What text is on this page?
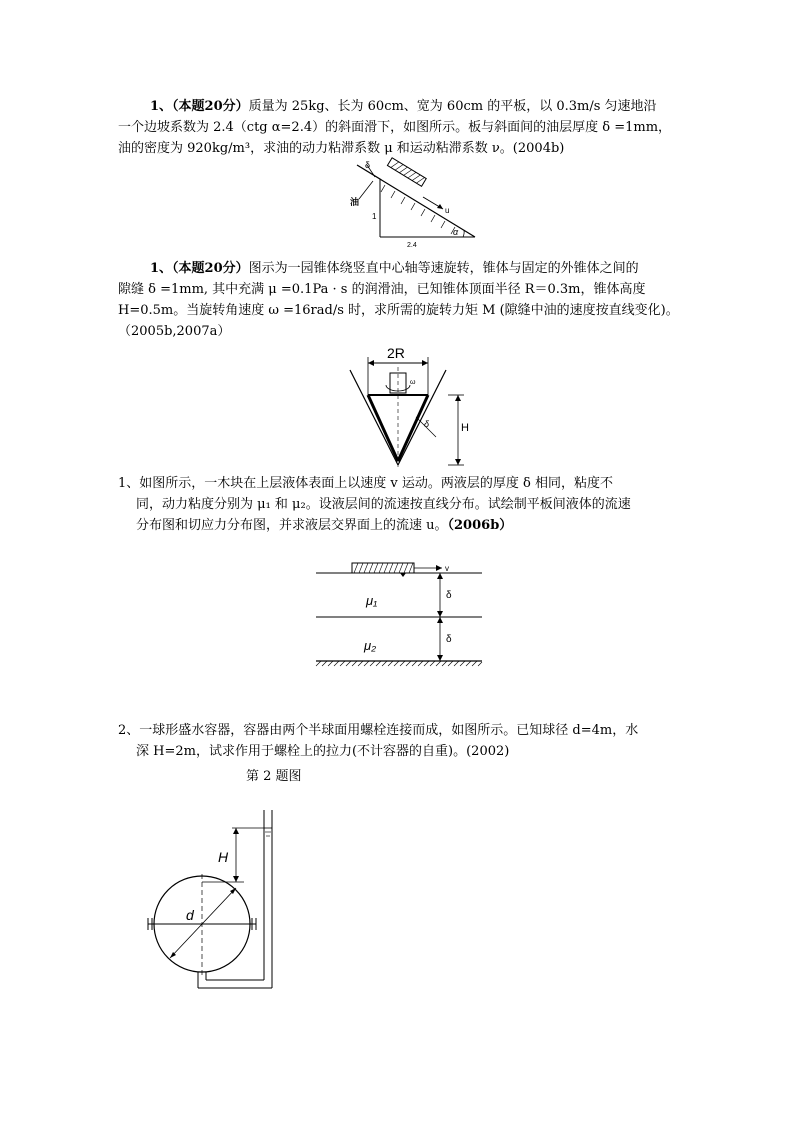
1、（本题20分）质量为 25kg、长为 60cm、宽为 60cm 的平板，以 0.3m/s 匀速地沿
一个边坡系数为 2.4（ctg α=2.4）的斜面滑下，如图所示。板与斜面间的油层厚度 δ =1mm，
油的密度为 920kg/m³，求油的动力粘滞系数 μ 和运动粘滞系数 ν。(2004b)
δ
油
u
1
2.4
α
1、（本题20分）图示为一园锥体绕竖直中心轴等速旋转，锥体与固定的外锥体之间的
隙缝 δ =1mm, 其中充满 μ =0.1Pa · s 的润滑油，已知锥体顶面半径 R＝0.3m，锥体高度
H=0.5m。当旋转角速度 ω =16rad/s 时，求所需的旋转力矩 M (隙缝中油的速度按直线变化)。
（2005b,2007a）
2R
ω
H
δ
1、如图所示，一木块在上层液体表面上以速度 v 运动。两液层的厚度 δ 相同，粘度不
同，动力粘度分别为 μ₁ 和 μ₂。设液层间的流速按直线分布。试绘制平板间液体的流速
分布图和切应力分布图，并求液层交界面上的流速 u。（2006b）
v
δ
δ
μ₁
μ₂
2、一球形盛水容器，容器由两个半球面用螺栓连接而成，如图所示。已知球径 d=4m，水
深 H=2m，试求作用于螺栓上的拉力(不计容器的自重)。(2002)
第 2 题图
d
H
